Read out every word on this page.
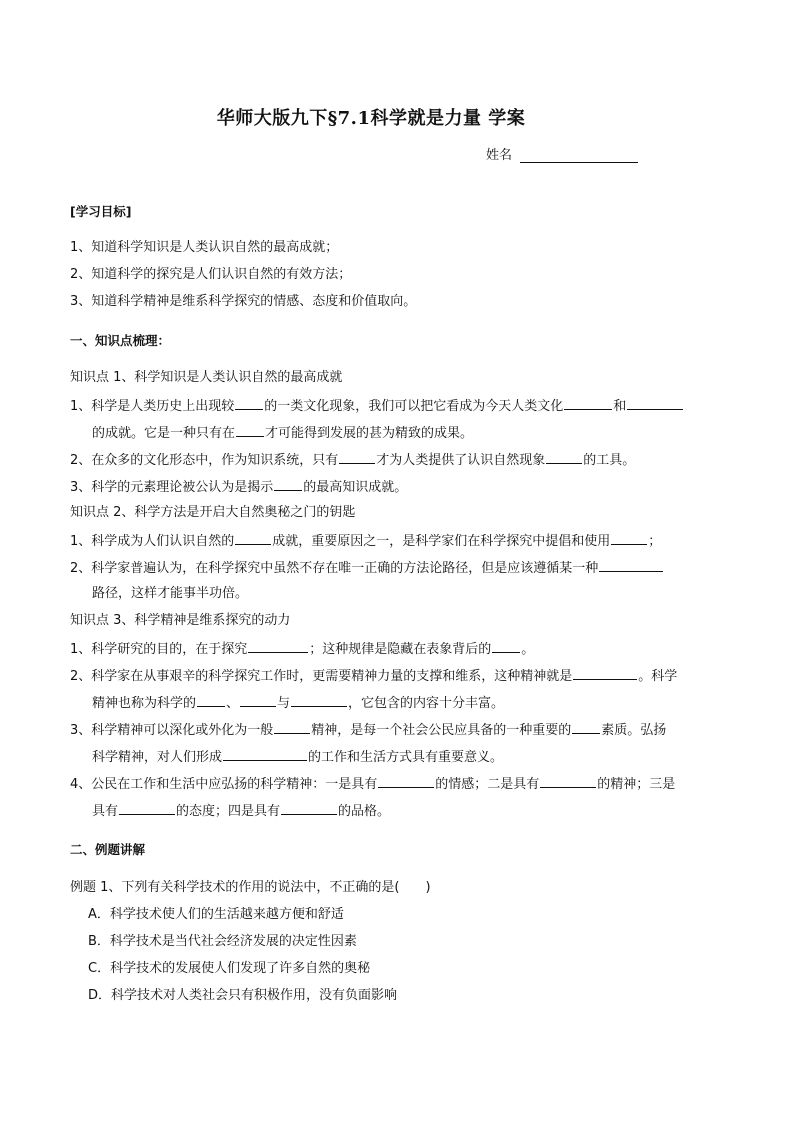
华师大版九下§7.1科学就是力量 学案
姓名
[学习目标]
1、知道科学知识是人类认识自然的最高成就；
2、知道科学的探究是人们认识自然的有效方法；
3、知道科学精神是维系科学探究的情感、态度和价值取向。
一、知识点梳理：
知识点 1、科学知识是人类认识自然的最高成就
1、科学是人类历史上出现较 的一类文化现象，我们可以把它看成为今天人类文化	和
的成就。它是一种只有在 才可能得到发展的甚为精致的成果。
2、在众多的文化形态中，作为知识系统，只有	才为人类提供了认识自然现象	的工具。
3、科学的元素理论被公认为是揭示 的最高知识成就。
知识点 2、科学方法是开启大自然奥秘之门的钥匙
1、科学成为人们认识自然的	成就，重要原因之一，是科学家们在科学探究中提倡和使用	；
2、科学家普遍认为，在科学探究中虽然不存在唯一正确的方法论路径，但是应该遵循某一种
路径，这样才能事半功倍。
知识点 3、科学精神是维系探究的动力
1、科学研究的目的，在于探究	；这种规律是隐藏在表象背后的 。
2、科学家在从事艰辛的科学探究工作时，更需要精神力量的支撑和维系，这种精神就是	。科学
精神也称为科学的 、	与	，它包含的内容十分丰富。
3、科学精神可以深化或外化为一般	精神，是每一个社会公民应具备的一种重要的 素质。弘扬
科学精神，对人们形成	的工作和生活方式具有重要意义。
4、公民在工作和生活中应弘扬的科学精神：一是具有	的情感；二是具有	的精神；三是
具有	的态度；四是具有	的品格。
二、例题讲解
例题 1、下列有关科学技术的作用的说法中，不正确的是(　　)
A．科学技术使人们的生活越来越方便和舒适
B．科学技术是当代社会经济发展的决定性因素
C．科学技术的发展使人们发现了许多自然的奥秘
D．科学技术对人类社会只有积极作用，没有负面影响
